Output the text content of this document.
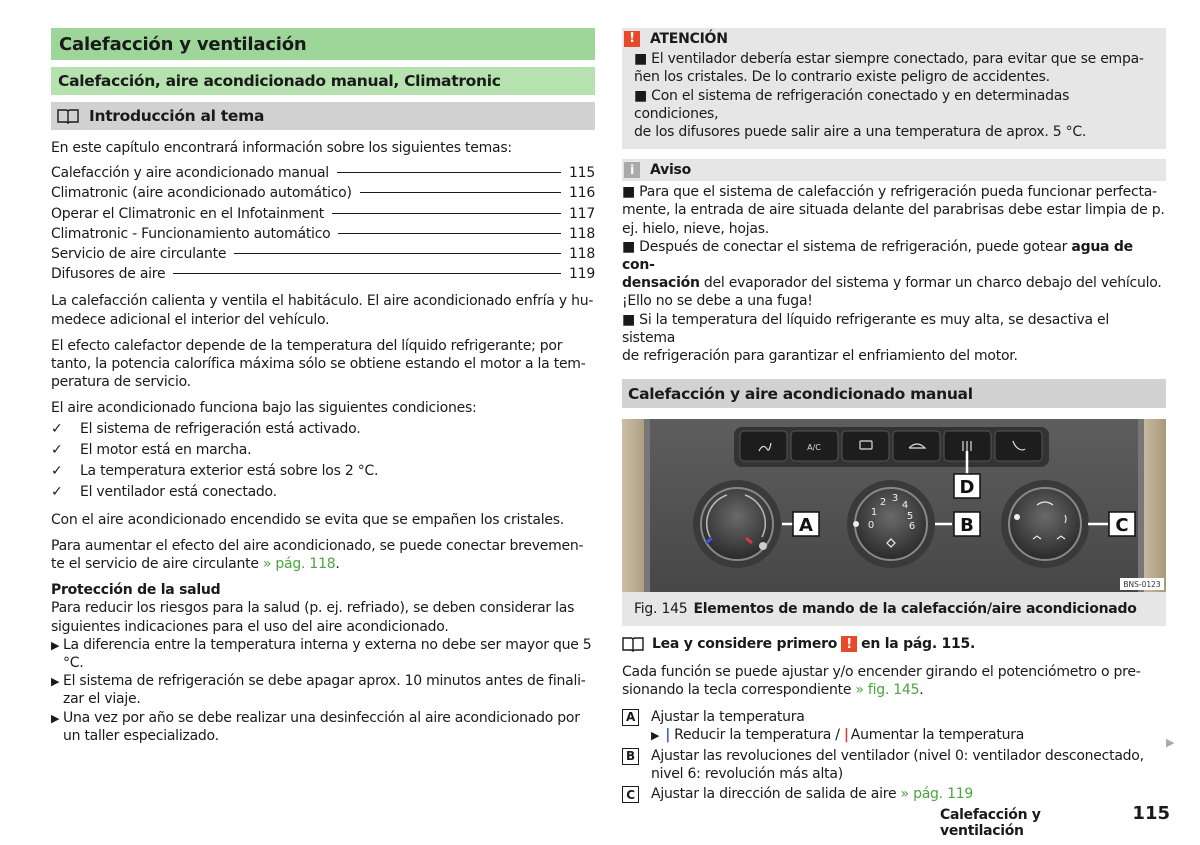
Calefacción y ventilación
Calefacción, aire acondicionado manual, Climatronic
Introducción al tema

En este capítulo encontrará información sobre los siguientes temas:

Calefacción y aire acondicionado manual	115
Climatronic (aire acondicionado automático)	116
Operar el Climatronic en el Infotainment	117
Climatronic - Funcionamiento automático	118
Servicio de aire circulante	118
Difusores de aire	119

La calefacción calienta y ventila el habitáculo. El aire acondicionado enfría y hu-
medece adicional el interior del vehículo.

El efecto calefactor depende de la temperatura del líquido refrigerante; por
tanto, la potencia calorífica máxima sólo se obtiene estando el motor a la tem-
peratura de servicio.

El aire acondicionado funciona bajo las siguientes condiciones:

✓	El sistema de refrigeración está activado.
✓	El motor está en marcha.
✓	La temperatura exterior está sobre los 2 °C.
✓	El ventilador está conectado.

Con el aire acondicionado encendido se evita que se empañen los cristales.

Para aumentar el efecto del aire acondicionado, se puede conectar brevemen-
te el servicio de aire circulante » pág. 118.

Protección de la salud

Para reducir los riesgos para la salud (p. ej. refriado), se deben considerar las
siguientes indicaciones para el uso del aire acondicionado.

▶ La diferencia entre la temperatura interna y externa no debe ser mayor que 5
°C.
▶ El sistema de refrigeración se debe apagar aprox. 10 minutos antes de finali-
zar el viaje.
▶ Una vez por año se debe realizar una desinfección al aire acondicionado por
un taller especializado.
!	ATENCIÓN
■ El ventilador debería estar siempre conectado, para evitar que se empa-
ñen los cristales. De lo contrario existe peligro de accidentes.
■ Con el sistema de refrigeración conectado y en determinadas condiciones,
de los difusores puede salir aire a una temperatura de aprox. 5 °C.
i	Aviso
■ Para que el sistema de calefacción y refrigeración pueda funcionar perfecta-
mente, la entrada de aire situada delante del parabrisas debe estar limpia de p.
ej. hielo, nieve, hojas.
■ Después de conectar el sistema de refrigeración, puede gotear agua de con-
densación del evaporador del sistema y formar un charco debajo del vehículo.
¡Ello no se debe a una fuga!
■ Si la temperatura del líquido refrigerante es muy alta, se desactiva el sistema
de refrigeración para garantizar el enfriamiento del motor.
Calefacción y aire acondicionado manual
A/C
0
1
2 3
4
5
6
A	B	C
D
BNS-0123
Fig. 145 Elementos de mando de la calefacción/aire acondicionado
Lea y considere primero ! en la pág. 115.

Cada función se puede ajustar y/o encender girando el potenciómetro o pre-
sionando la tecla correspondiente » fig. 145.

A Ajustar la temperatura
▶ | Reducir la temperatura / | Aumentar la temperatura
B Ajustar las revoluciones del ventilador (nivel 0: ventilador desconectado,
nivel 6: revolución más alta)
C	Ajustar la dirección de salida de aire » pág. 119
▶
Calefacción y ventilación
115
